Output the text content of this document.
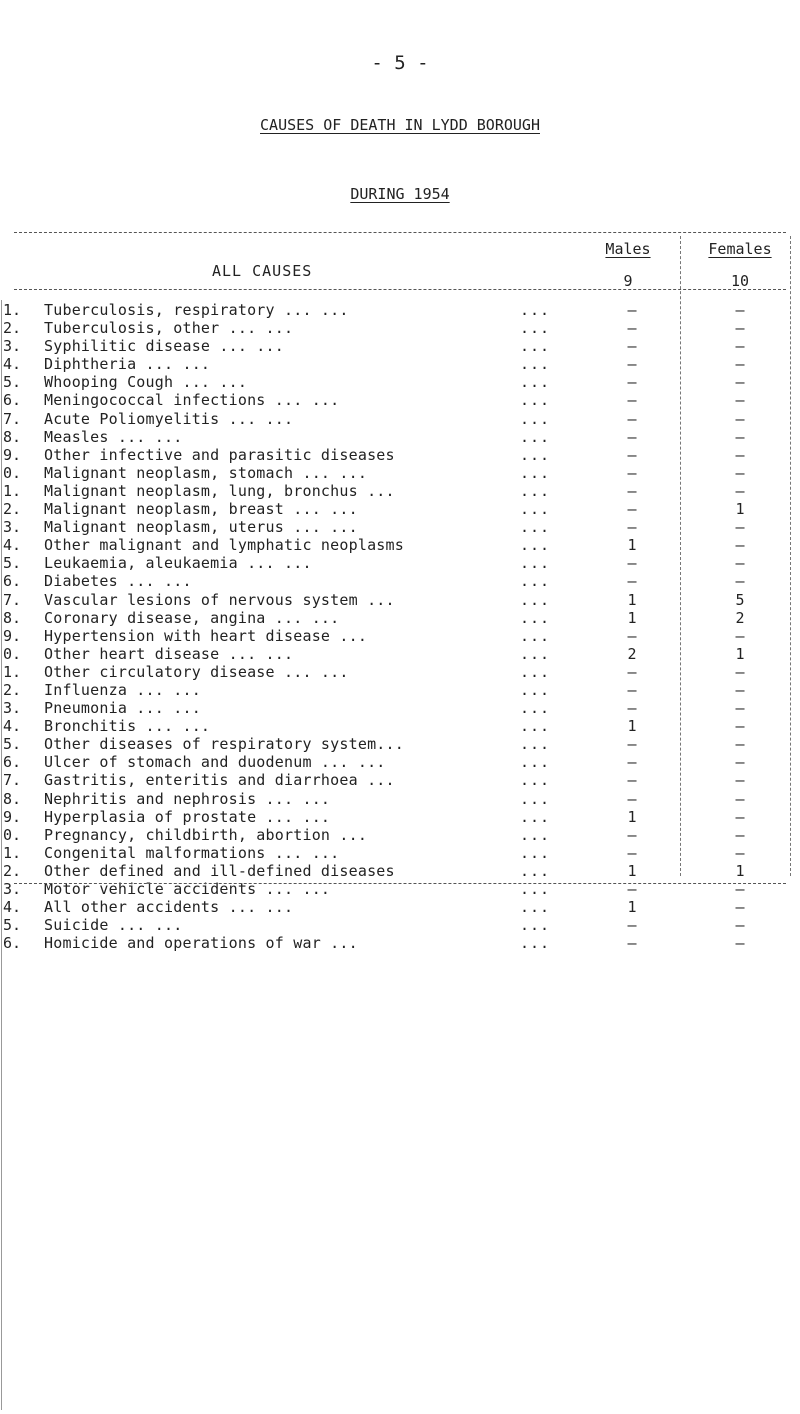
- 5 -
CAUSES OF DEATH IN LYDD BOROUGH
DURING 1954
ALL CAUSES
Males	Females
9	10
1.	Tuberculosis, respiratory ... ...	...	–	–
2.	Tuberculosis, other ... ...	...	–	–
3.	Syphilitic disease ... ...	...	–	–
4.	Diphtheria ... ...	...	–	–
5.	Whooping Cough ... ...	...	–	–
6.	Meningococcal infections ... ...	...	–	–
7.	Acute Poliomyelitis ... ...	...	–	–
8.	Measles ... ...	...	–	–
9.	Other infective and parasitic diseases	...	–	–
0.	Malignant neoplasm, stomach ... ...	...	–	–
1.	Malignant neoplasm, lung, bronchus ...	...	–	–
2.	Malignant neoplasm, breast ... ...	...	–	1
3.	Malignant neoplasm, uterus ... ...	...	–	–
4.	Other malignant and lymphatic neoplasms	...	1	–
5.	Leukaemia, aleukaemia ... ...	...	–	–
6.	Diabetes ... ...	...	–	–
7.	Vascular lesions of nervous system ...	...	1	5
8.	Coronary disease, angina ... ...	...	1	2
9.	Hypertension with heart disease ...	...	–	–
0.	Other heart disease ... ...	...	2	1
1.	Other circulatory disease ... ...	...	–	–
2.	Influenza ... ...	...	–	–
3.	Pneumonia ... ...	...	–	–
4.	Bronchitis ... ...	...	1	–
5.	Other diseases of respiratory system...	...	–	–
6.	Ulcer of stomach and duodenum ... ...	...	–	–
7.	Gastritis, enteritis and diarrhoea ...	...	–	–
8.	Nephritis and nephrosis ... ...	...	–	–
9.	Hyperplasia of prostate ... ...	...	1	–
0.	Pregnancy, childbirth, abortion ...	...	–	–
1.	Congenital malformations ... ...	...	–	–
2.	Other defined and ill-defined diseases	...	1	1
3.	Motor vehicle accidents ... ...	...	–	–
4.	All other accidents ... ...	...	1	–
5.	Suicide ... ...	...	–	–
6.	Homicide and operations of war ...	...	–	–
